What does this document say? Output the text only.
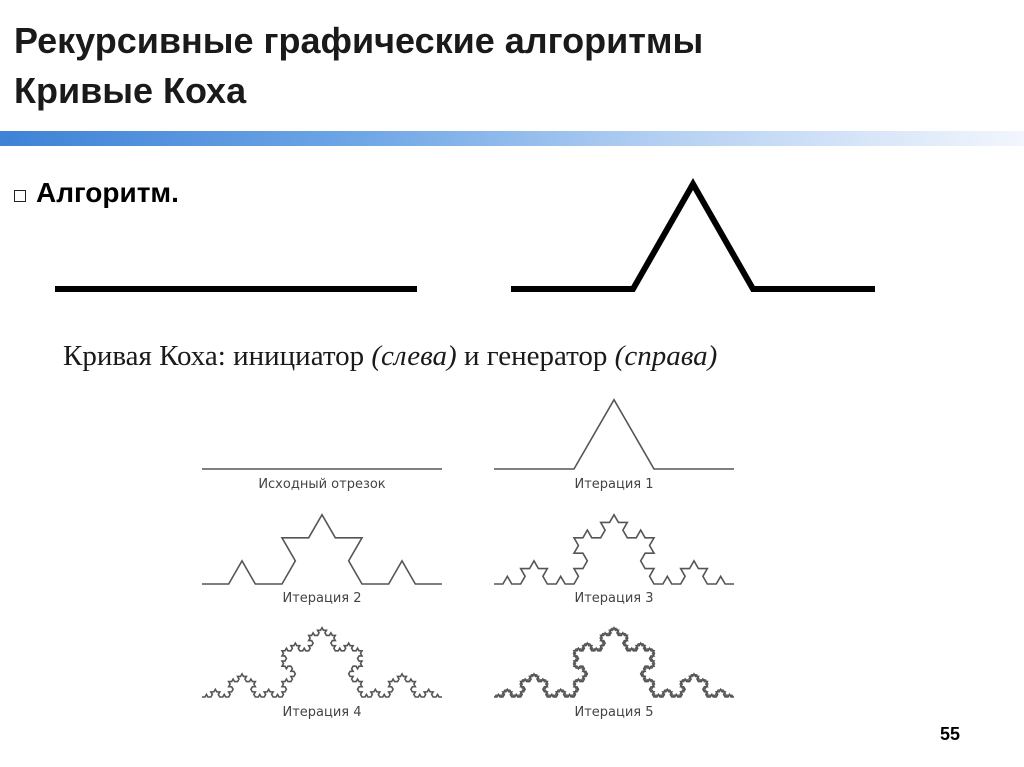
Рекурсивные графические алгоритмы
Кривые Коха
Алгоритм.
Кривая Коха: инициатор (слева) и генератор (справа)
Исходный отрезок	Итерация 1
Итерация 2	Итерация 3
Итерация 4	Итерация 5
55
